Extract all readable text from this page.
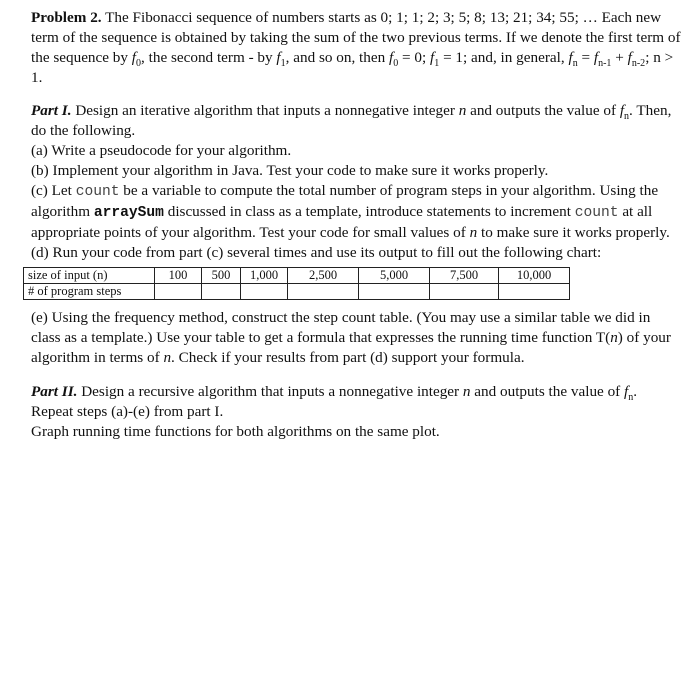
Problem 2. The Fibonacci sequence of numbers starts as 0; 1; 1; 2; 3; 5; 8; 13; 21; 34; 55; … Each new term of the sequence is obtained by taking the sum of the two previous terms. If we denote the first term of the sequence by $f_0$, the second term - by $f_1$, and so on, then $f_0 = 0$; $f_1 = 1$; and, in general, $f_n = f_{n-1} + f_{n-2}$; n > 1.

Part I. Design an iterative algorithm that inputs a nonnegative integer n and outputs the value of $f_n$. Then, do the following.

(a) Write a pseudocode for your algorithm.

(b) Implement your algorithm in Java. Test your code to make sure it works properly.

(c) Let count be a variable to compute the total number of program steps in your algorithm. Using the algorithm arraySum discussed in class as a template, introduce statements to increment count at all appropriate points of your algorithm. Test your code for small values of n to make sure it works properly.

(d) Run your code from part (c) several times and use its output to fill out the following chart:

size of input (n)	100	500	1,000	2,500	5,000	7,500	10,000
# of program steps							

(e) Using the frequency method, construct the step count table. (You may use a similar table we did in class as a template.) Use your table to get a formula that expresses the running time function T(n) of your algorithm in terms of n. Check if your results from part (d) support your formula.

Part II. Design a recursive algorithm that inputs a nonnegative integer n and outputs the value of $f_n$. Repeat steps (a)-(e) from part I.

Graph running time functions for both algorithms on the same plot.
